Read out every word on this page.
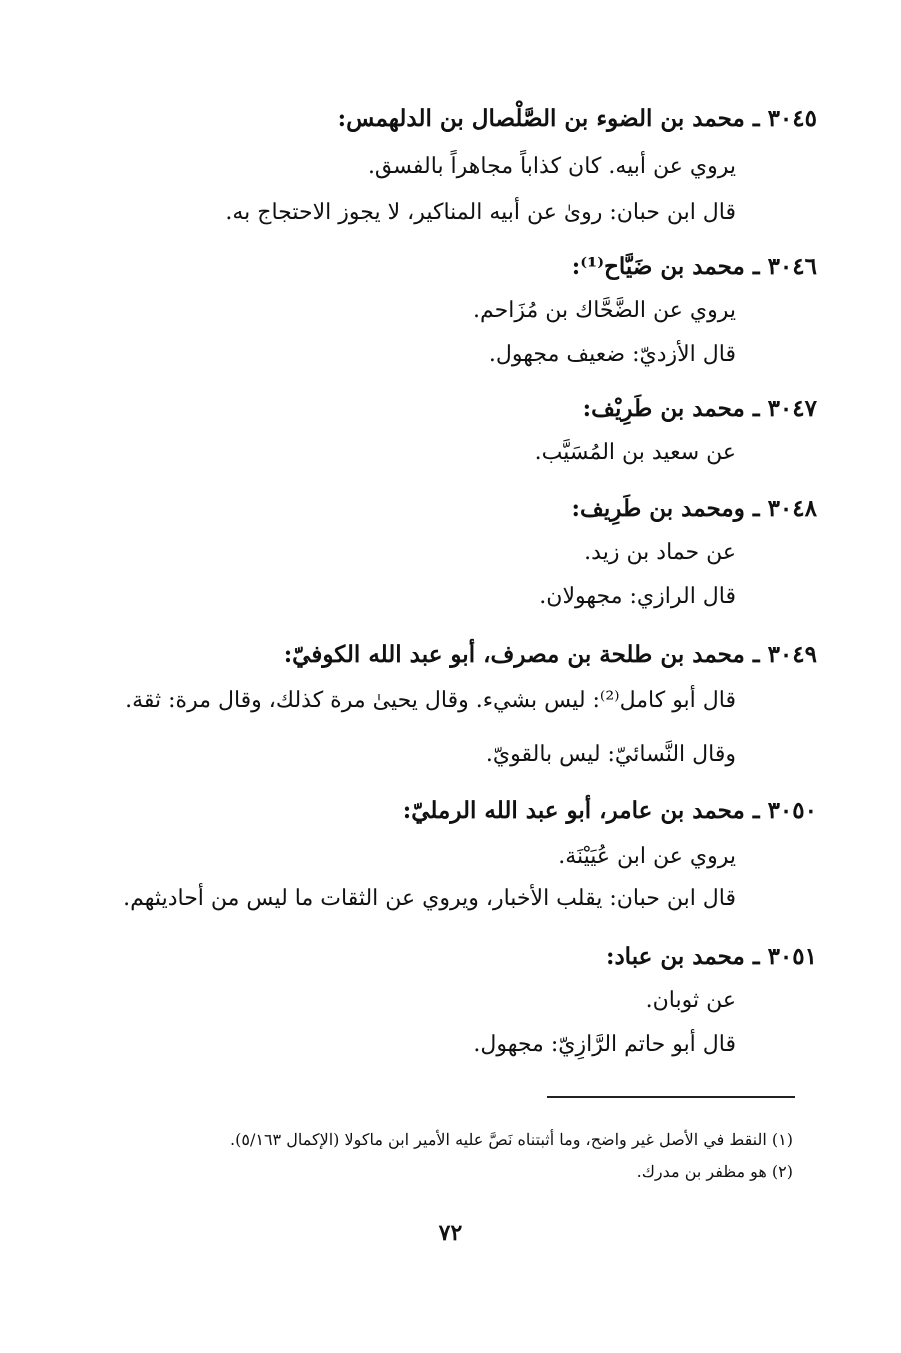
٣٠٤٥ ـ محمد بن الضوء بن الصَّلْصال بن الدلهمس:
يروي عن أبيه. كان كذاباً مجاهراً بالفسق.
قال ابن حبان: روىٰ عن أبيه المناكير، لا يجوز الاحتجاج به.
٣٠٤٦ ـ محمد بن ضَيَّاح⁽¹⁾:
يروي عن الضَّحَّاك بن مُزَاحم.
قال الأزديّ: ضعيف مجهول.
٣٠٤٧ ـ محمد بن طَرِيْف:
عن سعيد بن المُسَيَّب.
٣٠٤٨ ـ ومحمد بن طَرِيف:
عن حماد بن زيد.
قال الرازي: مجهولان.
٣٠٤٩ ـ محمد بن طلحة بن مصرف، أبو عبد الله الكوفيّ:
قال أبو كامل⁽²⁾: ليس بشيء. وقال يحيىٰ مرة كذلك، وقال مرة: ثقة.
وقال النَّسائيّ: ليس بالقويّ.
٣٠٥٠ ـ محمد بن عامر، أبو عبد الله الرمليّ:
يروي عن ابن عُيَيْنَة.
قال ابن حبان: يقلب الأخبار، ويروي عن الثقات ما ليس من أحاديثهم.
٣٠٥١ ـ محمد بن عباد:
عن ثوبان.
قال أبو حاتم الرَّازِيّ: مجهول.
(١) النقط في الأصل غير واضح، وما أثبتناه نَصَّ عليه الأمير ابن ماكولا (الإكمال ٥/١٦٣).
(٢) هو مظفر بن مدرك.
٧٢
